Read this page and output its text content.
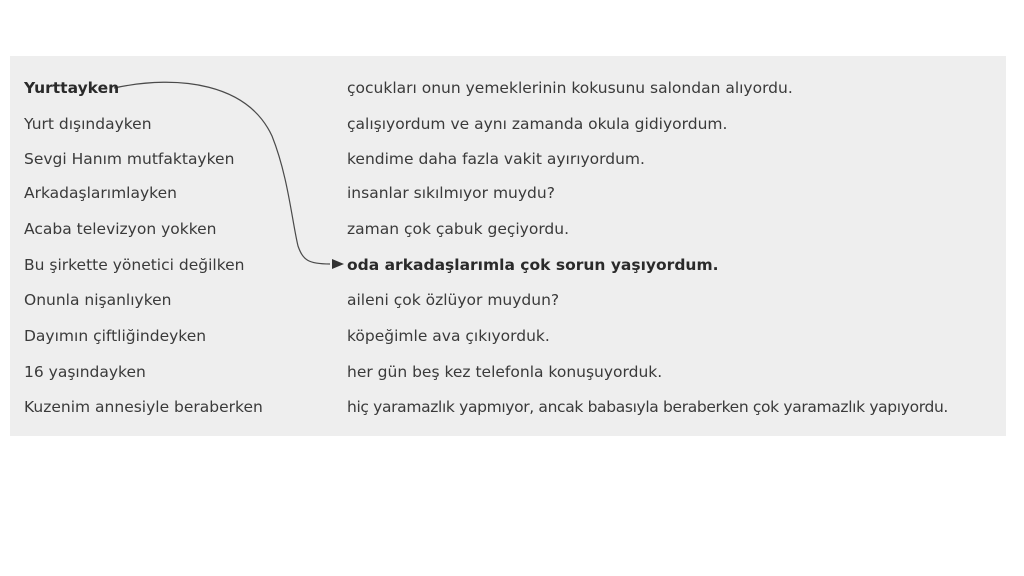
Yurttayken	çocukları onun yemeklerinin kokusunu salondan alıyordu.
Yurt dışındayken	çalışıyordum ve aynı zamanda okula gidiyordum.
Sevgi Hanım mutfaktayken	kendime daha fazla vakit ayırıyordum.
Arkadaşlarımlayken	insanlar sıkılmıyor muydu?
Acaba televizyon yokken	zaman çok çabuk geçiyordu.
Bu şirkette yönetici değilken	oda arkadaşlarımla çok sorun yaşıyordum.
Onunla nişanlıyken	aileni çok özlüyor muydun?
Dayımın çiftliğindeyken	köpeğimle ava çıkıyorduk.
16 yaşındayken	her gün beş kez telefonla konuşuyorduk.
Kuzenim annesiyle beraberken	hiç yaramazlık yapmıyor, ancak babasıyla beraberken çok yaramazlık yapıyordu.
